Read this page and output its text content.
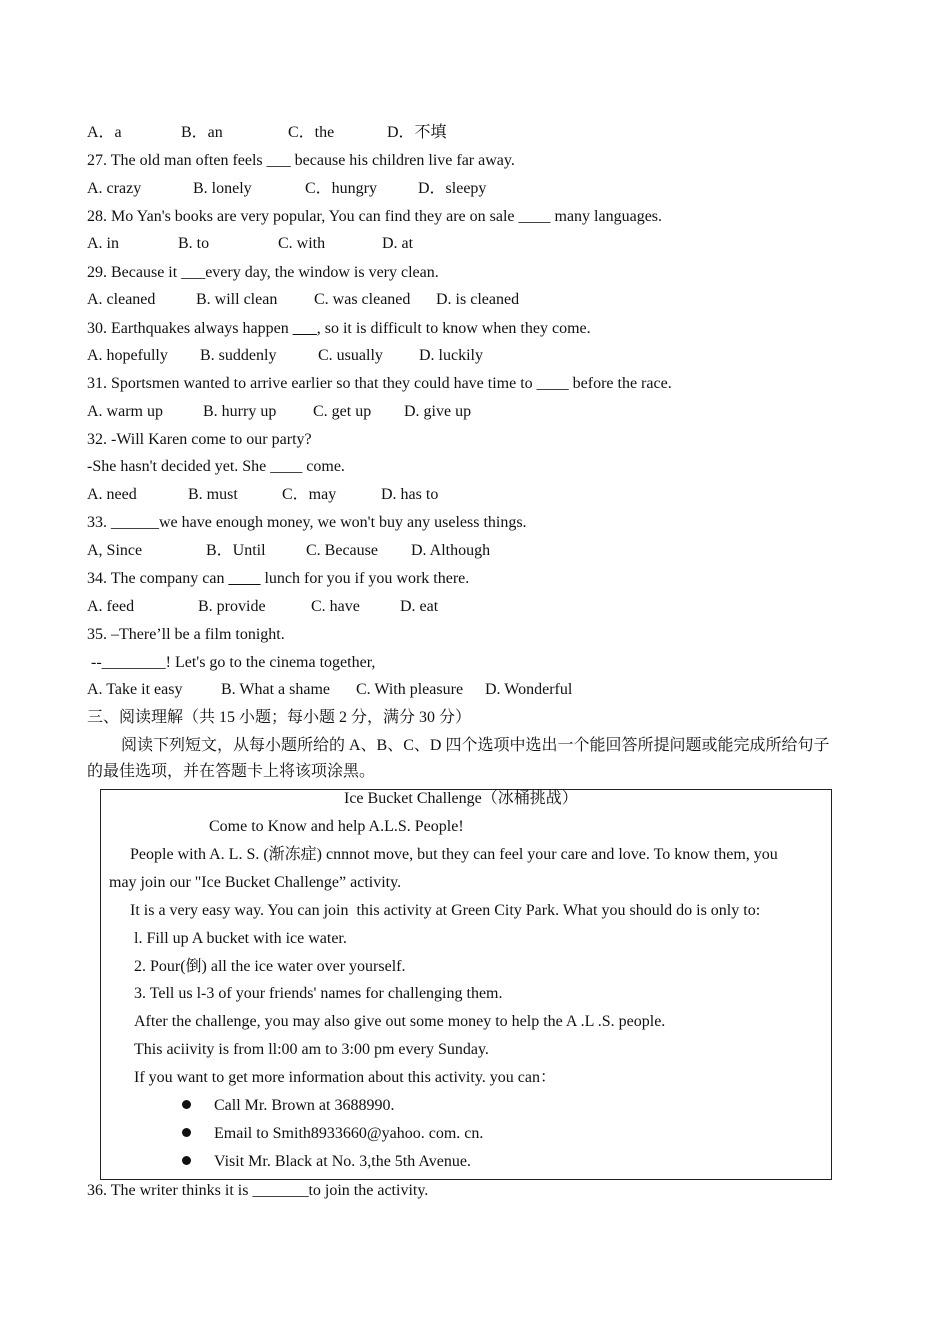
A．a	B．an	C．the	D．不填
27. The old man often feels ___ because his children live far away.
A. crazy	B. lonely	C．hungry	D．sleepy
28. Mo Yan's books are very popular, You can find they are on sale ____ many languages.
A. in	B. to	C. with	D. at
29. Because it ___every day, the window is very clean.
A. cleaned	B. will clean C. was cleaned D. is cleaned
30. Earthquakes always happen ___, so it is difficult to know when they come.
A. hopefully B. suddenly	C. usually D. luckily
31. Sportsmen wanted to arrive earlier so that they could have time to ____ before the race.
A. warm up	B. hurry up C. get up D. give up
32. -Will Karen come to our party?
-She hasn't decided yet. She ____ come.
A. need	B. must	C．may	D. has to
33. ______we have enough money, we won't buy any useless things.
A, Since	B．Until	C. Because D. Although
34. The company can ____ lunch for you if you work there.
A. feed	B. provide	C. have	D. eat
35. –There’ll be a film tonight.
--________! Let's go to the cinema together,
A. Take it easy B. What a shame C. With pleasure D. Wonderful
三、阅读理解（共 15 小题；每小题 2 分，满分 30 分）
阅读下列短文，从每小题所给的 A、B、C、D 四个选项中选出一个能回答所提问题或能完成所给句子
的最佳选项，并在答题卡上将该项涂黑。
Ice Bucket Challenge（冰桶挑战）
Come to Know and help A.L.S. People!
People with A. L. S. (渐冻症) cnnnot move, but they can feel your care and love. To know them, you
may join our "Ice Bucket Challenge” activity.
It is a very easy way. You can join  this activity at Green City Park. What you should do is only to:
l. Fill up A bucket with ice water.
2. Pour(倒) all the ice water over yourself.
3. Tell us l-3 of your friends' names for challenging them.
After the challenge, you may also give out some money to help the A .L .S. people.
This aciivity is from ll:00 am to 3:00 pm every Sunday.
If you want to get more information about this activity. you can：
Call Mr. Brown at 3688990.
Email to Smith8933660@yahoo. com. cn.
Visit Mr. Black at No. 3,the 5th Avenue.
36. The writer thinks it is _______to join the activity.
